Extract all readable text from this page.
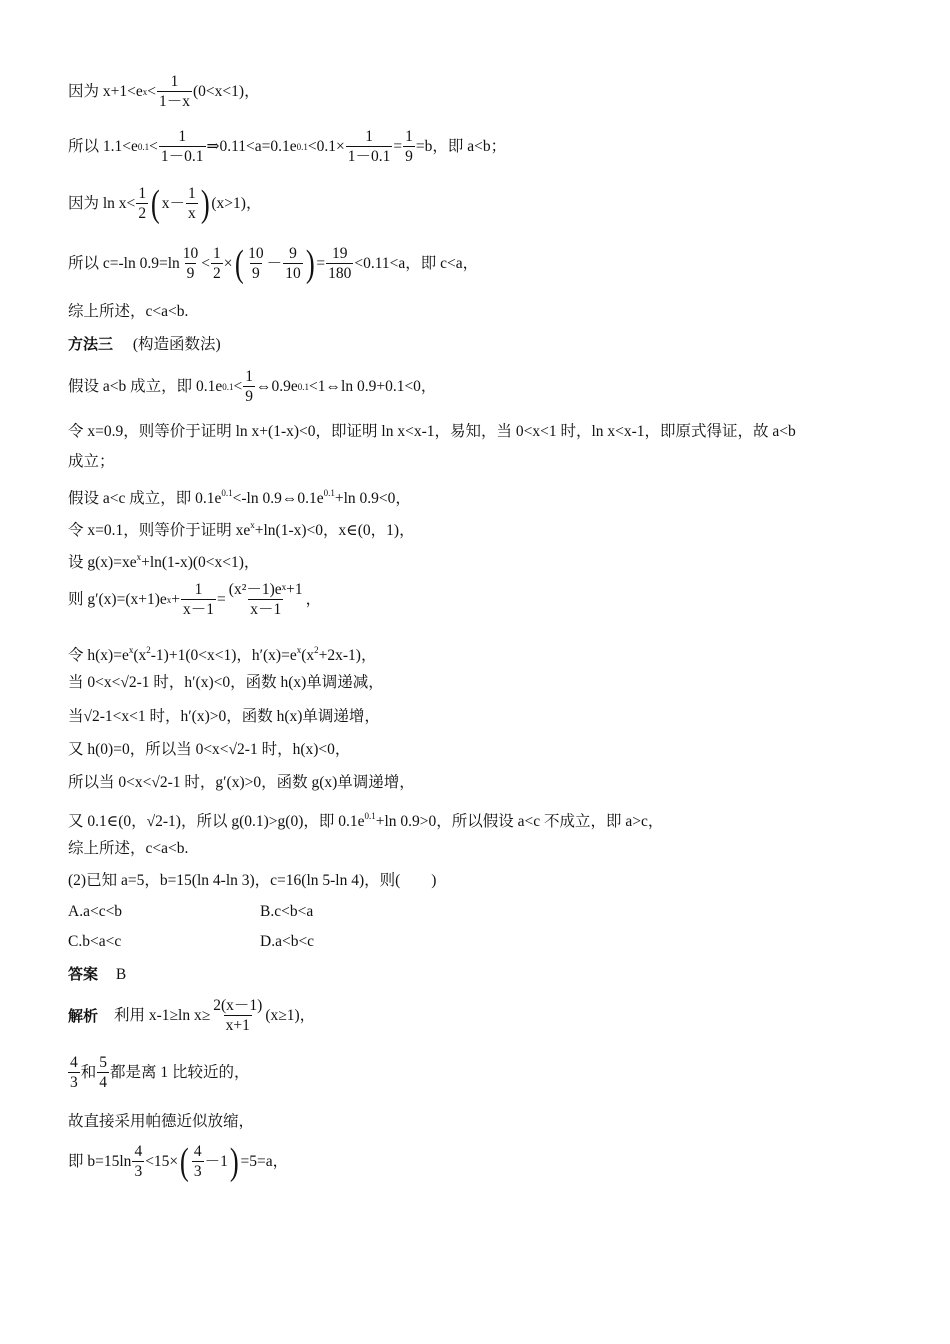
因为 x+1<e $x < \frac{1}{1-x} (0<x<1)$，
所以 1.1<e $0.1 < \frac{1}{1-0.1}$ ⇒0.11<a=0.1e $0.1 <0.1\times \frac{1}{1-0.1} = \frac{1}{9} =b$，即 a<b；
因为 $\ln x< \frac{1}{2}$ ( $x- \frac{1}{x}$ ) (x>1)，
所以 c=-ln $0.9=\ln \frac{10}{9} < \frac{1}{2}$ × ( $\frac{10}{9} - \frac{9}{10}$ ) = $\frac{19}{180} <0.11<a$，即 c<a，
综上所述，c<a<b.
方法三 (构造函数法)
假设 a<b 成立，即 0.1e $0.1 < \frac{1}{9}$ ⇔0.9e 0.1 <1⇔ln 0.9+0.1<0，
令 x=0.9，则等价于证明 ln x+(1-x)<0，即证明 ln x<x-1，易知，当 0<x<1 时，ln x<x-1，即原式得证，故 a<b
成立；
假设 a<c 成立，即 $0.1e^{0.1}<-\ln$ $0.9\Leftrightarrow 0.1e^{0.1}+\ln$ 0.9<0，
令 x=0.1，则等价于证明 $xe^x+\ln(1-x)<0$，x∈(0，1)，
设 $g(x)=xe^x+\ln(1-x)(0<x<1)$，
则 g′(x)=(x+1)e $x + \frac{1}{x-1} = \frac{\text{(x²－1)eˣ+1}}{x-1}$ ，
令 $h(x)=e^x(x^2-1)+1(0<x<1)$，$h'(x)=e^x(x^2+2x-1)$，
当 0<x<√2-1 时，h′(x)<0，函数 h(x)单调递减，
当√2-1<x<1 时，h′(x)>0，函数 h(x)单调递增，
又 h(0)=0，所以当 0<x<√2-1 时，h(x)<0，
所以当 0<x<√2-1 时，g′(x)>0，函数 g(x)单调递增，
又 0.1∈(0，√2-1)，所以 g(0.1)>g(0)，即 $0.1e^{0.1}+\ln$ 0.9>0，所以假设 a<c 不成立，即 a>c，
综上所述，c<a<b.
(2)已知 a=5，b=15(ln 4-ln 3)，c=16(ln 5-ln 4)，则(　　)
A.a<c<b	B.c<b<a
C.b<a<c	D.a<b<c
答案 B
解析 利用 x-1≥ln $x\ge \frac{2(x-1)}{x+1} (x\ge 1)$，
$\frac{4}{3}$ 和 $\frac{5}{4}$ 都是离 1 比较近的，
故直接采用帕德近似放缩，
即 $b=15\ln \frac{4}{3} <15\times$ ( $\frac{4}{3} -1$ ) =5=a，
